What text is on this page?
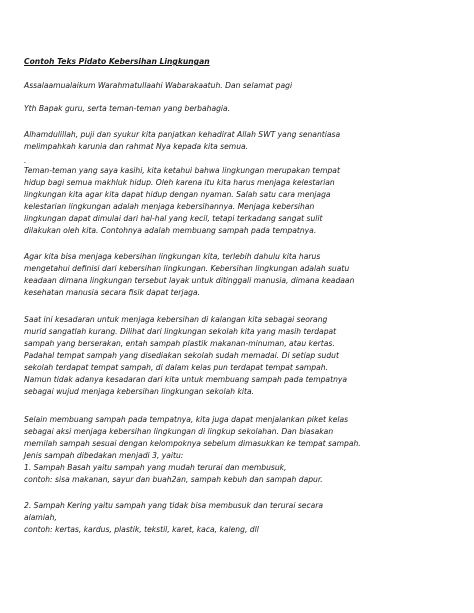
Contoh Teks Pidato Kebersihan Lingkungan
Assalaamualaikum Warahmatullaahi Wabarakaatuh. Dan selamat pagi
Yth Bapak guru, serta teman-teman yang berbahagia.
Alhamdulillah, puji dan syukur kita panjatkan kehadirat Allah SWT yang senantiasa
melimpahkah karunia dan rahmat Nya kepada kita semua.
.
Teman-teman yang saya kasihi, kita ketahui bahwa lingkungan merupakan tempat
hidup bagi semua makhluk hidup. Oleh karena itu kita harus menjaga kelestarian
lingkungan kita agar kita dapat hidup dengan nyaman. Salah satu cara menjaga
kelestarian lingkungan adalah menjaga kebersihannya. Menjaga kebersihan
lingkungan dapat dimulai dari hal-hal yang kecil, tetapi terkadang sangat sulit
dilakukan oleh kita. Contohnya adalah membuang sampah pada tempatnya.
Agar kita bisa menjaga kebersihan lingkungan kita, terlebih dahulu kita harus
mengetahui definisi dari kebersihan lingkungan. Kebersihan lingkungan adalah suatu
keadaan dimana lingkungan tersebut layak untuk ditinggali manusia, dimana keadaan
kesehatan manusia secara fisik dapat terjaga.
Saat ini kesadaran untuk menjaga kebersihan di kalangan kita sebagai seorang
murid sangatlah kurang. Dilihat dari lingkungan sekolah kita yang masih terdapat
sampah yang berserakan, entah sampah plastik makanan-minuman, atau kertas.
Padahal tempat sampah yang disediakan sekolah sudah memadai. Di setiap sudut
sekolah terdapat tempat sampah, di dalam kelas pun terdapat tempat sampah.
Namun tidak adanya kesadaran dari kita untuk membuang sampah pada tempatnya
sebagai wujud menjaga kebersihan lingkungan sekolah kita.
Selain membuang sampah pada tempatnya, kita juga dapat menjalankan piket kelas
sebagai aksi menjaga kebersihan lingkungan di lingkup sekolahan. Dan biasakan
memilah sampah sesuai dengan kelompoknya sebelum dimasukkan ke tempat sampah.
Jenis sampah dibedakan menjadi 3, yaitu:
1. Sampah Basah yaitu sampah yang mudah terurai dan membusuk,
contoh: sisa makanan, sayur dan buah2an, sampah kebuh dan sampah dapur.
2. Sampah Kering yaitu sampah yang tidak bisa membusuk dan terurai secara
alamiah,
contoh: kertas, kardus, plastik, tekstil, karet, kaca, kaleng, dll
